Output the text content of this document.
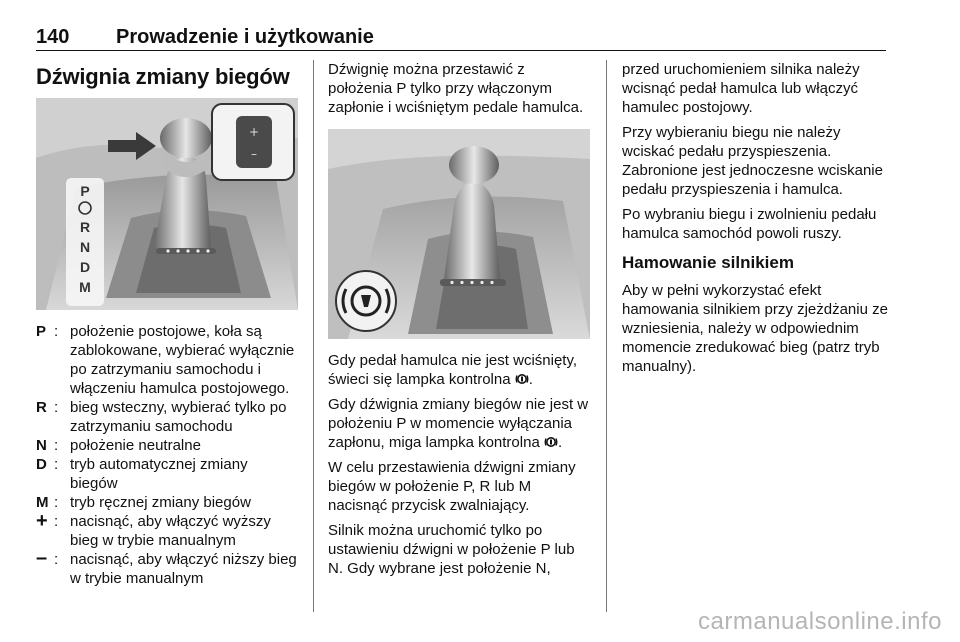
140 Prowadzenie i użytkowanie
Dźwignia zmiany biegów
+
–
P
R
N
D
M
P : położenie postojowe, koła są zablokowane, wybierać wyłącznie po zatrzymaniu samochodu i włączeniu hamulca postojowego.
R : bieg wsteczny, wybierać tylko po zatrzymaniu samochodu
N : położenie neutralne
D : tryb automatycznej zmiany biegów
M : tryb ręcznej zmiany biegów
+ : nacisnąć, aby włączyć wyższy bieg w trybie manualnym
– : nacisnąć, aby włączyć niższy bieg w trybie manualnym

Dźwignię można przestawić z położenia P tylko przy włączonym zapłonie i wciśniętym pedale hamulca.

Gdy pedał hamulca nie jest wciśnięty, świeci się lampka kontrolna .

Gdy dźwignia zmiany biegów nie jest w położeniu P w momencie wyłączania zapłonu, miga lampka kontrolna .

W celu przestawienia dźwigni zmiany biegów w położenie P, R lub M nacisnąć przycisk zwalniający.

Silnik można uruchomić tylko po ustawieniu dźwigni w położenie P lub N. Gdy wybrane jest położenie N,

przed uruchomieniem silnika należy wcisnąć pedał hamulca lub włączyć hamulec postojowy.

Przy wybieraniu biegu nie należy wciskać pedału przyspieszenia. Zabronione jest jednoczesne wciskanie pedału przyspieszenia i hamulca.

Po wybraniu biegu i zwolnieniu pedału hamulca samochód powoli ruszy.

Hamowanie silnikiem

Aby w pełni wykorzystać efekt hamowania silnikiem przy zjeżdżaniu ze wzniesienia, należy w odpowiednim momencie zredukować bieg (patrz tryb manualny).

carmanualsonline.info
